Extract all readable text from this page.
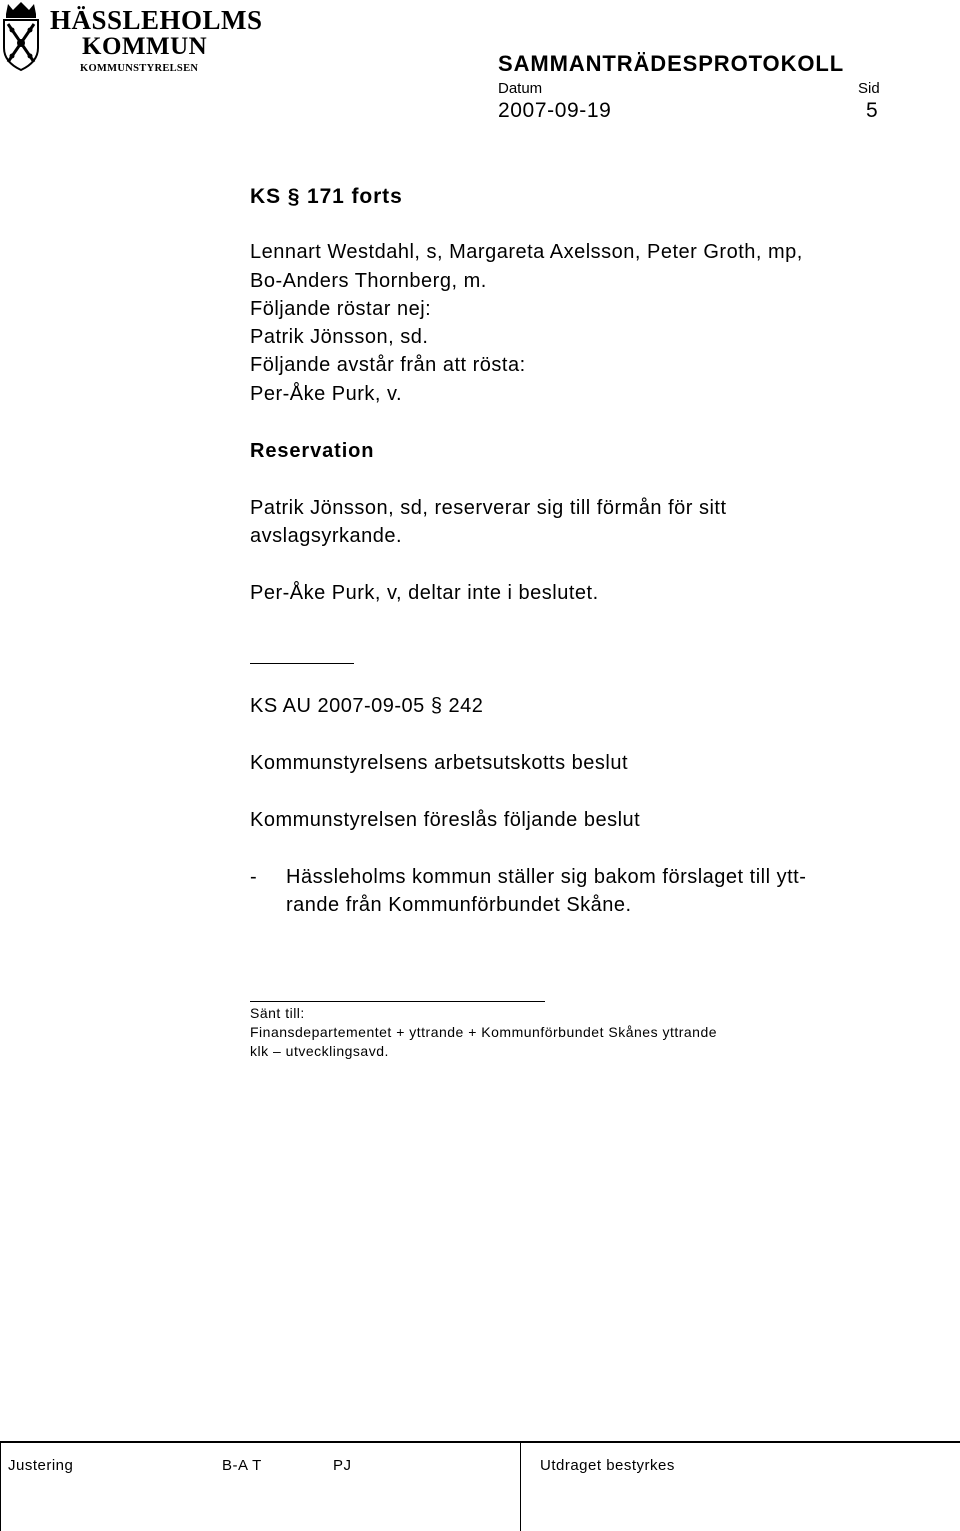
HÄSSLEHOLMS
KOMMUN
KOMMUNSTYRELSEN	SAMMANTRÄDESPROTOKOLL
Datum	Sid
2007-09-19	5
KS § 171 forts
Lennart Westdahl, s, Margareta Axelsson, Peter Groth, mp,
Bo-Anders Thornberg, m.
Följande röstar nej:
Patrik Jönsson, sd.
Följande avstår från att rösta:
Per-Åke Purk, v.
Reservation
Patrik Jönsson, sd, reserverar sig till förmån för sitt
avslagsyrkande.
Per-Åke Purk, v, deltar inte i beslutet.
KS AU 2007-09-05 § 242
Kommunstyrelsens arbetsutskotts beslut
Kommunstyrelsen föreslås följande beslut
- Hässleholms kommun ställer sig bakom förslaget till ytt-
rande från Kommunförbundet Skåne.
Sänt till:
Finansdepartementet + yttrande + Kommunförbundet Skånes yttrande
klk – utvecklingsavd.
Justering	B-A T	PJ	Utdraget bestyrkes
